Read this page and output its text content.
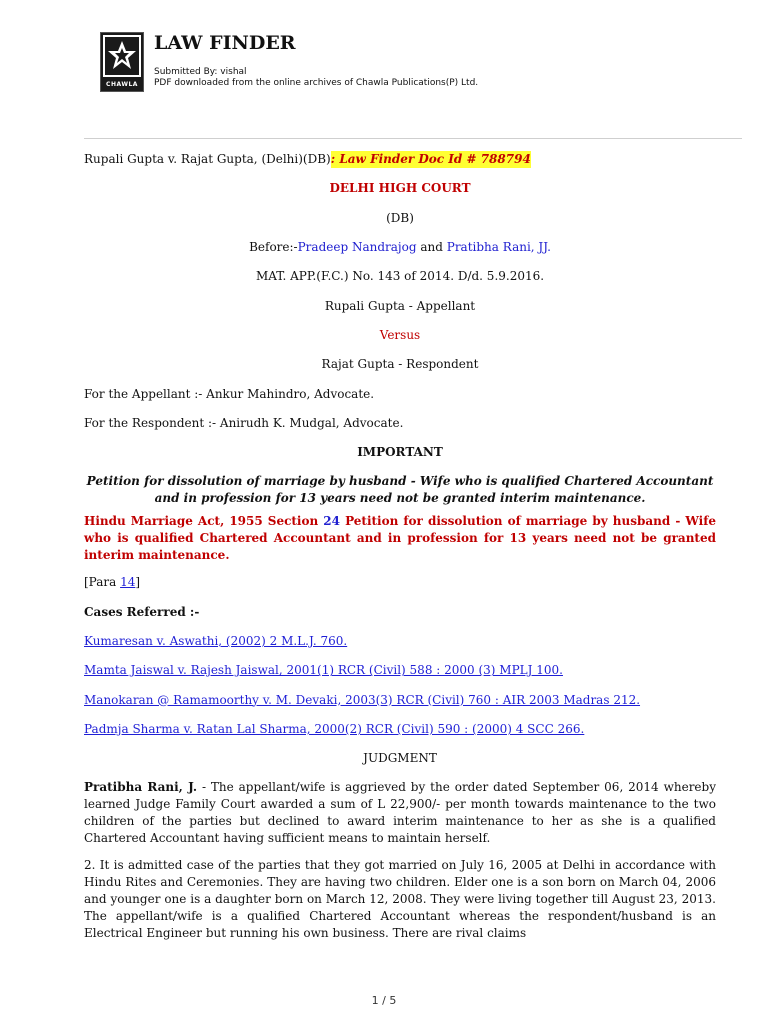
CHAWLA
LAW FINDER
Submitted By: vishal
PDF downloaded from the online archives of Chawla Publications(P) Ltd.
Rupali Gupta v. Rajat Gupta, (Delhi)(DB) : Law Finder Doc Id # 788794
DELHI HIGH COURT
(DB)
Before:- Pradeep Nandrajog and Pratibha Rani, JJ.
MAT. APP.(F.C.) No. 143 of 2014. D/d. 5.9.2016.
Rupali Gupta - Appellant
Versus
Rajat Gupta - Respondent
For the Appellant :- Ankur Mahindro, Advocate.
For the Respondent :- Anirudh K. Mudgal, Advocate.
IMPORTANT
Petition for dissolution of marriage by husband - Wife who is qualified Chartered Accountant and in profession for 13 years need not be granted interim maintenance.
Hindu Marriage Act, 1955 Section 24 Petition for dissolution of marriage by husband - Wife who is qualified Chartered Accountant and in profession for 13 years need not be granted interim maintenance.
[Para 14 ]
Cases Referred :-
Kumaresan v. Aswathi, (2002) 2 M.L.J. 760.
Mamta Jaiswal v. Rajesh Jaiswal, 2001(1) RCR (Civil) 588 : 2000 (3) MPLJ 100.
Manokaran @ Ramamoorthy v. M. Devaki, 2003(3) RCR (Civil) 760 : AIR 2003 Madras 212.
Padmja Sharma v. Ratan Lal Sharma, 2000(2) RCR (Civil) 590 : (2000) 4 SCC 266.
JUDGMENT
Pratibha Rani, J. - The appellant/wife is aggrieved by the order dated September 06, 2014 whereby learned Judge Family Court awarded a sum of L 22,900/- per month towards maintenance to the two children of the parties but declined to award interim maintenance to her as she is a qualified Chartered Accountant having sufficient means to maintain herself.
2. It is admitted case of the parties that they got married on July 16, 2005 at Delhi in accordance with Hindu Rites and Ceremonies. They are having two children. Elder one is a son born on March 04, 2006 and younger one is a daughter born on March 12, 2008. They were living together till August 23, 2013. The appellant/wife is a qualified Chartered Accountant whereas the respondent/husband is an Electrical Engineer but running his own business. There are rival claims
1 / 5
